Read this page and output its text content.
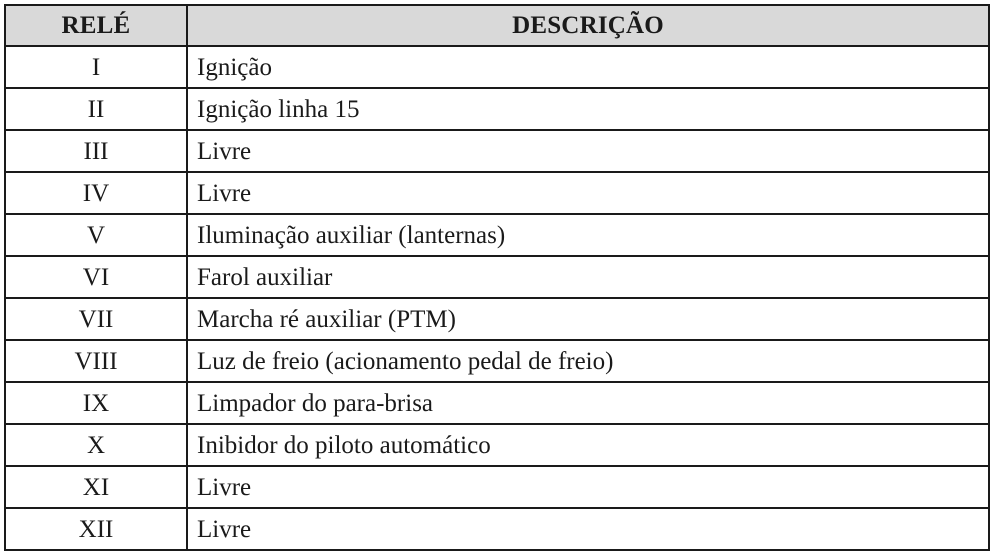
RELÉ	DESCRIÇÃO
I	Ignição
II	Ignição linha 15
III	Livre
IV	Livre
V	Iluminação auxiliar (lanternas)
VI	Farol auxiliar
VII	Marcha ré auxiliar (PTM)
VIII	Luz de freio (acionamento pedal de freio)
IX	Limpador do para-brisa
X	Inibidor do piloto automático
XI	Livre
XII	Livre
